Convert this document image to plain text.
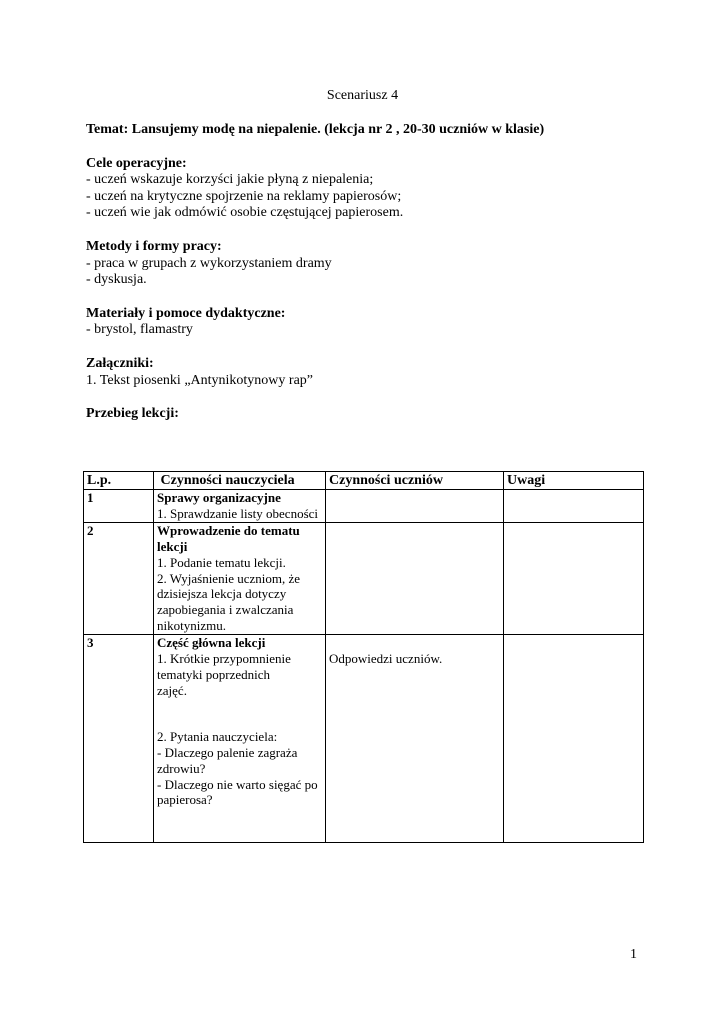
Scenariusz 4
Temat: Lansujemy modę na niepalenie. (lekcja nr 2 , 20-30 uczniów w klasie)
Cele operacyjne:
- uczeń wskazuje korzyści jakie płyną z niepalenia;
- uczeń na krytyczne spojrzenie na reklamy papierosów;
- uczeń wie jak odmówić osobie częstującej papierosem.
Metody i formy pracy:
- praca w grupach z wykorzystaniem dramy
- dyskusja.
Materiały i pomoce dydaktyczne:
- brystol, flamastry
Załączniki:
1. Tekst piosenki „Antynikotynowy rap”
Przebieg lekcji:
L.p.	Czynności nauczyciela	Czynności uczniów	Uwagi
1	Sprawy organizacyjne
1. Sprawdzanie listy obecności		

2	Wprowadzenie do tematu lekcji
1. Podanie tematu lekcji.
2. Wyjaśnienie uczniom, że dzisiejsza lekcja dotyczy zapobiegania i zwalczania nikotynizmu.		

3	Część główna lekcji
1. Krótkie przypomnienie tematyki poprzednich zajęć.
2. Pytania nauczyciela:
- Dlaczego palenie zagraża zdrowiu?
- Dlaczego nie warto sięgać po papierosa?	Odpowiedzi uczniów.	

1
